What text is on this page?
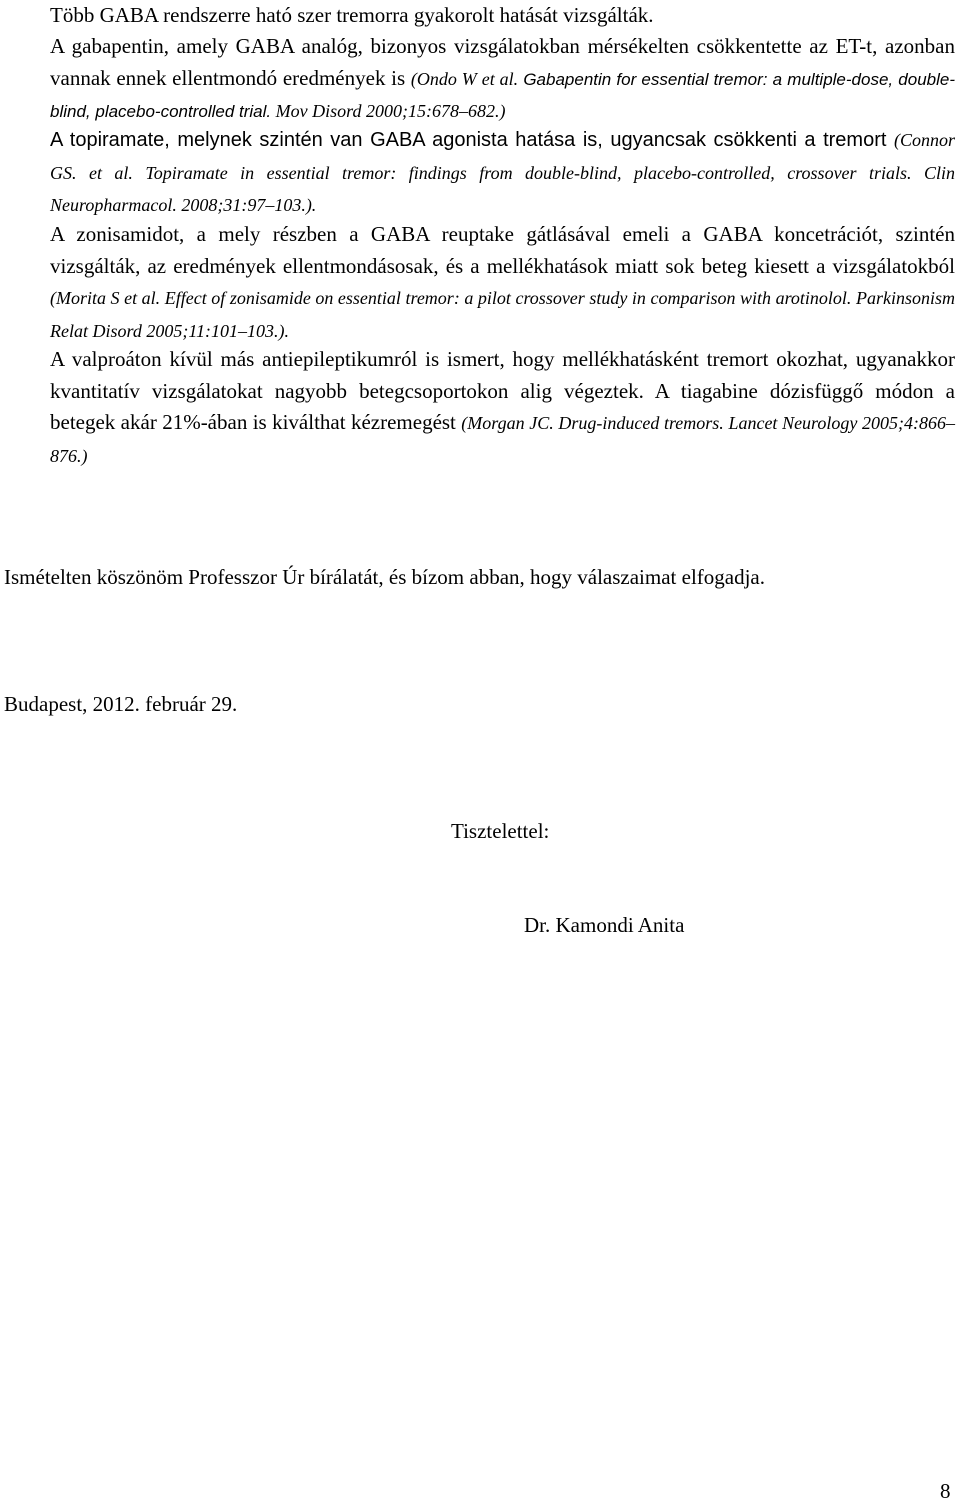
Több GABA rendszerre ható szer tremorra gyakorolt hatását vizsgálták.

A gabapentin, amely GABA analóg, bizonyos vizsgálatokban mérsékelten csökkentette az ET-t, azonban vannak ennek ellentmondó eredmények is (Ondo W et al. Gabapentin for essential tremor: a multiple-dose, double-blind, placebo-controlled trial. Mov Disord 2000;15:678–682.)

A topiramate, melynek szintén van GABA agonista hatása is, ugyancsak csökkenti a tremort (Connor GS. et al. Topiramate in essential tremor: findings from double-blind, placebo-controlled, crossover trials. Clin Neuropharmacol. 2008;31:97–103.).

A zonisamidot, a mely részben a GABA reuptake gátlásával emeli a GABA koncetrációt, szintén vizsgálták, az eredmények ellentmondásosak, és a mellékhatások miatt sok beteg kiesett a vizsgálatokból (Morita S et al. Effect of zonisamide on essential tremor: a pilot crossover study in comparison with arotinolol. Parkinsonism Relat Disord 2005;11:101–103.).

A valproáton kívül más antiepileptikumról is ismert, hogy mellékhatásként tremort okozhat, ugyanakkor kvantitatív vizsgálatokat nagyobb betegcsoportokon alig végeztek. A tiagabine dózisfüggő módon a betegek akár 21%-ában is kiválthat kézremegést (Morgan JC. Drug-induced tremors. Lancet Neurology 2005;4:866–876.)

Ismételten köszönöm Professzor Úr bírálatát, és bízom abban, hogy válaszaimat elfogadja.

Budapest, 2012. február 29.

Tisztelettel:

Dr. Kamondi Anita

8
